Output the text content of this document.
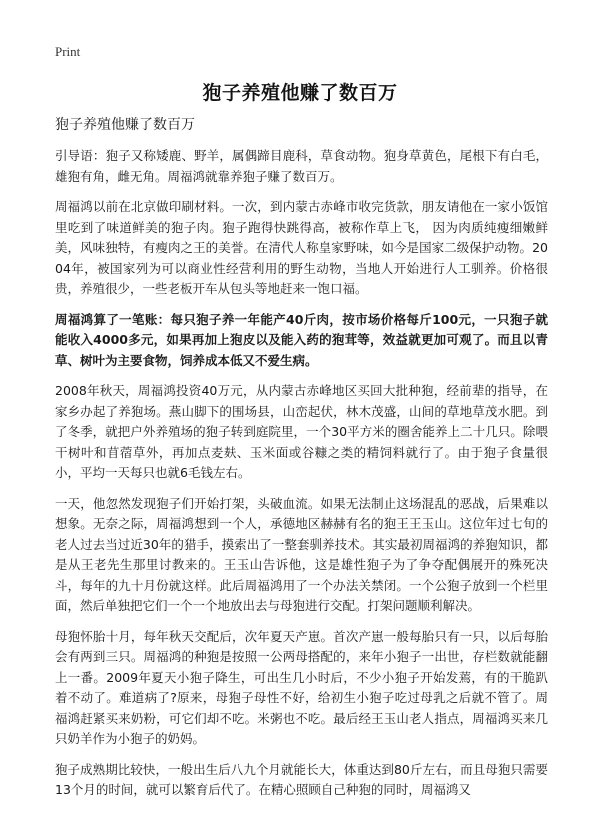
Print
狍子养殖他赚了数百万

狍子养殖他赚了数百万

引导语：狍子又称矮鹿、野羊，属偶蹄目鹿科，草食动物。狍身草黄色，尾根下有白毛，雄狍有角，雌无角。周福鸿就靠养狍子赚了数百万。

周福鸿以前在北京做印刷材料。一次，到内蒙古赤峰市收完货款，朋友请他在一家小饭馆里吃到了味道鲜美的狍子肉。狍子跑得快跳得高，被称作草上飞， 因为肉质纯瘦细嫩鲜美，风味独特，有瘦肉之王的美誉。在清代人称皇家野味，如今是国家二级保护动物。2004年，被国家列为可以商业性经营利用的野生动物，当地人开始进行人工驯养。价格很贵，养殖很少，一些老板开车从包头等地赶来一饱口福。

周福鸿算了一笔账：每只狍子养一年能产40斤肉，按市场价格每斤100元，一只狍子就能收入4000多元，如果再加上狍皮以及能入药的狍茸等，效益就更加可观了。而且以青草、树叶为主要食物，饲养成本低又不爱生病。

2008年秋天，周福鸿投资40万元，从内蒙古赤峰地区买回大批种狍，经前辈的指导，在家乡办起了养狍场。燕山脚下的围场县，山峦起伏，林木茂盛，山间的草地草茂水肥。到了冬季，就把户外养殖场的狍子转到庭院里，一个30平方米的圈舍能养上二十几只。除喂干树叶和苜蓿草外，再加点麦麸、玉米面或谷糠之类的精饲料就行了。由于狍子食量很小，平均一天每只也就6毛钱左右。

一天，他忽然发现狍子们开始打架，头破血流。如果无法制止这场混乱的恶战，后果难以想象。无奈之际，周福鸿想到一个人，承德地区赫赫有名的狍王王玉山。这位年过七旬的老人过去当过近30年的猎手，摸索出了一整套驯养技术。其实最初周福鸿的养狍知识，都是从王老先生那里讨教来的。王玉山告诉他，这是雄性狍子为了争夺配偶展开的殊死决斗，每年的九十月份就这样。此后周福鸿用了一个办法关禁闭。一个公狍子放到一个栏里面，然后单独把它们一个一个地放出去与母狍进行交配。打架问题顺利解决。

母狍怀胎十月，每年秋天交配后，次年夏天产崽。首次产崽一般每胎只有一只，以后每胎会有两到三只。周福鸿的种狍是按照一公两母搭配的，来年小狍子一出世，存栏数就能翻上一番。2009年夏天小狍子降生，可出生几小时后，不少小狍子开始发蔫，有的干脆趴着不动了。难道病了?原来，母狍子母性不好，给初生小狍子吃过母乳之后就不管了。周福鸿赶紧买来奶粉，可它们却不吃。米粥也不吃。最后经王玉山老人指点，周福鸿买来几只奶羊作为小狍子的奶妈。

狍子成熟期比较快，一般出生后八九个月就能长大，体重达到80斤左右，而且母狍只需要13个月的时间，就可以繁育后代了。在精心照顾自己种狍的同时，周福鸿又
